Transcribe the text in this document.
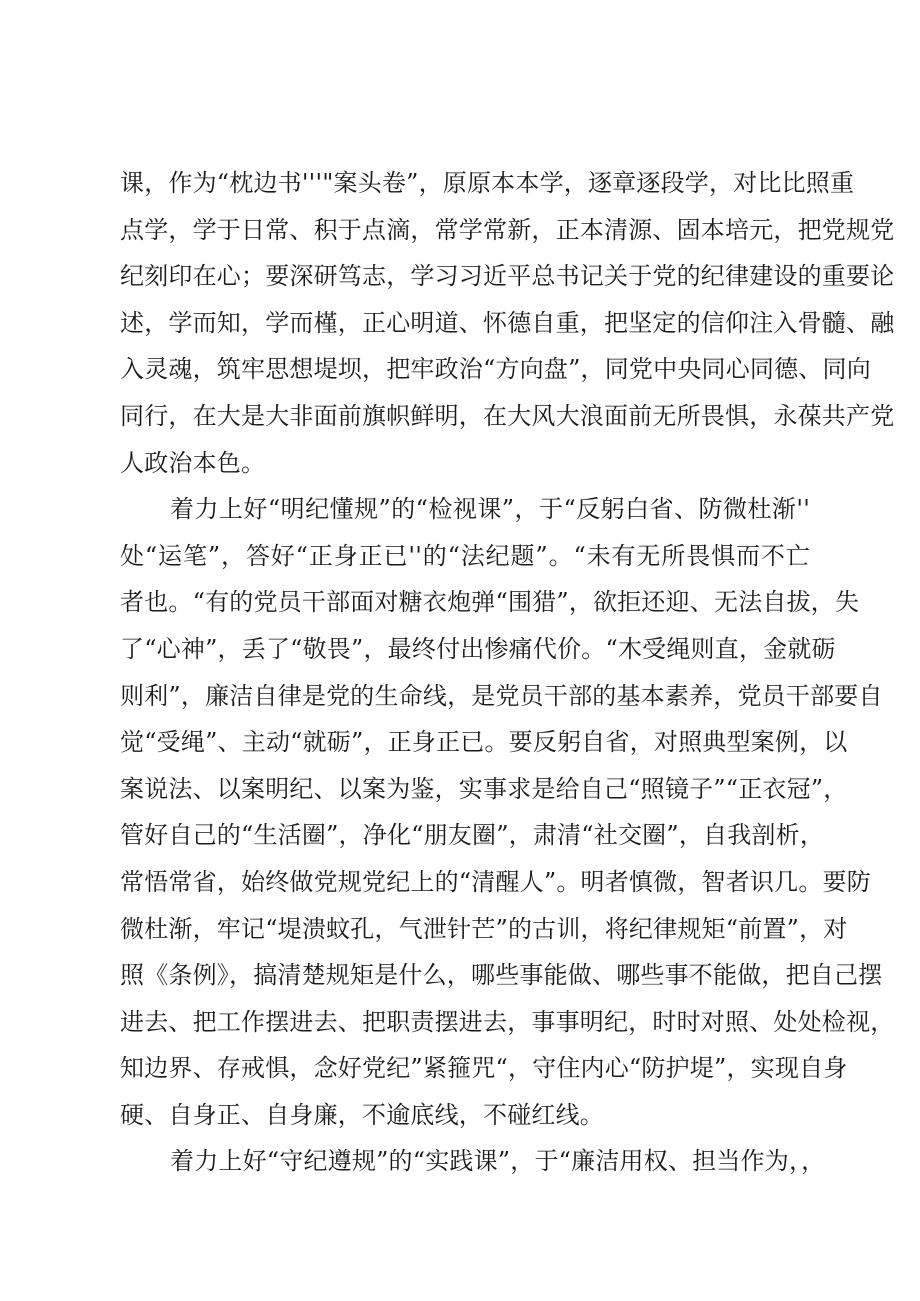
课，作为“枕边书'''"案头卷”，原原本本学，逐章逐段学，对比比照重
点学，学于日常、积于点滴，常学常新，正本清源、固本培元，把党规党
纪刻印在心；要深研笃志，学习习近平总书记关于党的纪律建设的重要论
述，学而知，学而槿，正心明道、怀德自重，把坚定的信仰注入骨髓、融
入灵魂，筑牢思想堤坝，把牢政治“方向盘”，同党中央同心同德、同向
同行，在大是大非面前旗帜鲜明，在大风大浪面前无所畏惧，永葆共产党
人政治本色。
着力上好“明纪懂规”的“检视课”，于“反躬白省、防微杜渐''
处“运笔”，答好“正身正已''的“法纪题”。“未有无所畏惧而不亡
者也。“有的党员干部面对糖衣炮弹“围猎”，欲拒还迎、无法自拔，失
了“心神”，丢了“敬畏”，最终付出惨痛代价。“木受绳则直，金就砺
则利”，廉洁自律是党的生命线，是党员干部的基本素养，党员干部要自
觉“受绳”、主动“就砺”，正身正已。要反躬自省，对照典型案例，以
案说法、以案明纪、以案为鉴，实事求是给自己“照镜子”“正衣冠”，
管好自己的“生活圈”，净化“朋友圈”，肃清“社交圈”，自我剖析，
常悟常省，始终做党规党纪上的“清醒人”。明者慎微，智者识几。要防
微杜渐，牢记“堤溃蚊孔，气泄针芒”的古训，将纪律规矩“前置”，对
照《条例》，搞清楚规矩是什么，哪些事能做、哪些事不能做，把自己摆
进去、把工作摆进去、把职责摆进去，事事明纪，时时对照、处处检视，
知边界、存戒惧，念好党纪”紧箍咒“，守住内心“防护堤”，实现自身
硬、自身正、自身廉，不逾底线，不碰红线。
着力上好“守纪遵规”的“实践课”，于“廉洁用权、担当作为，，
